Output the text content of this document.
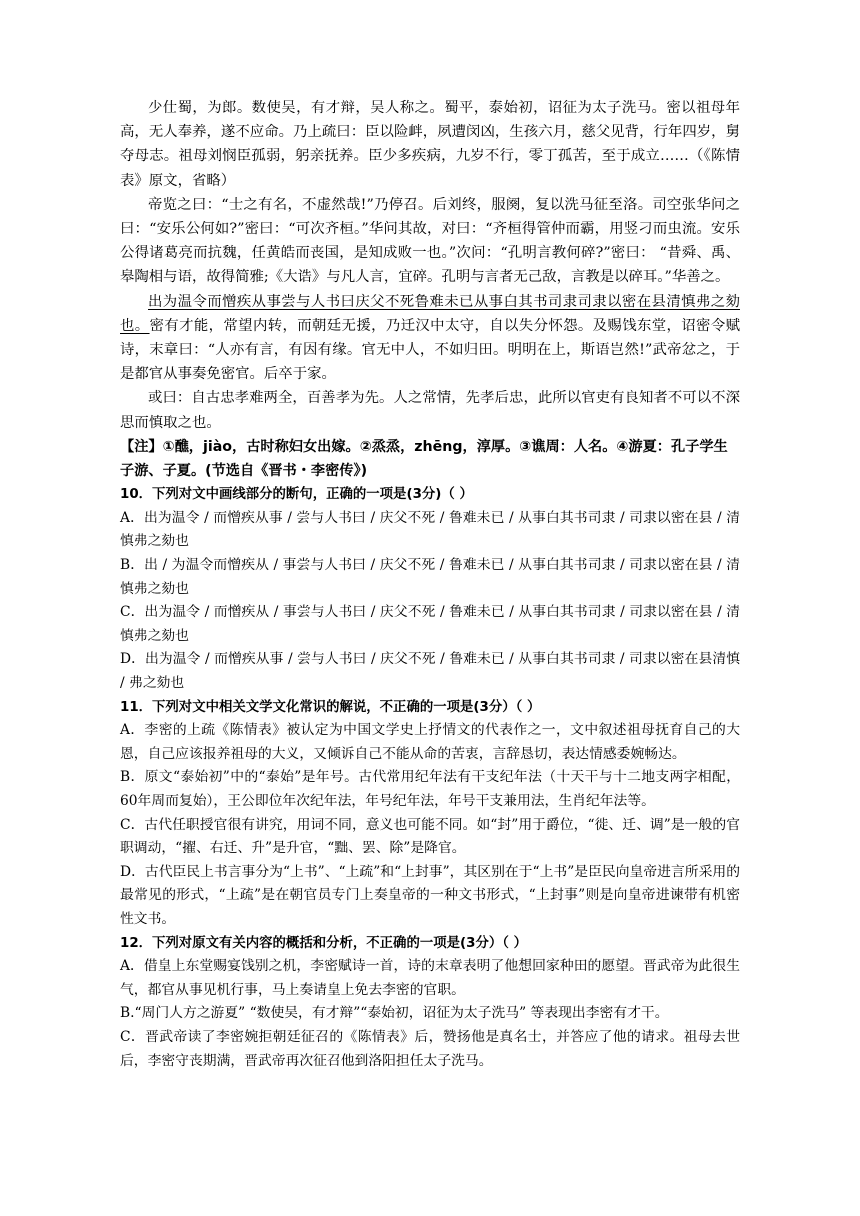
少仕蜀，为郎。数使吴，有才辩，吴人称之。蜀平，泰始初，诏征为太子洗马。密以祖母年高，无人奉养，遂不应命。乃上疏曰：臣以险衅，夙遭闵凶，生孩六月，慈父见背，行年四岁，舅夺母志。祖母刘悯臣孤弱，躬亲抚养。臣少多疾病，九岁不行，零丁孤苦，至于成立……（《陈情表》原文，省略）

帝览之曰：“士之有名，不虚然哉!”乃停召。后刘终，服阕，复以洗马征至洛。司空张华问之曰：“安乐公何如?”密曰：“可次齐桓。”华问其故，对曰：“齐桓得管仲而霸，用竖刁而虫流。安乐公得诸葛亮而抗魏，任黄皓而丧国，是知成败一也。”次问：“孔明言教何碎?”密曰： “昔舜、禹、皋陶相与语，故得简雅;《大诰》与凡人言，宜碎。孔明与言者无己敌，言教是以碎耳。”华善之。

出为温令而憎疾从事尝与人书曰庆父不死鲁难未已从事白其书司隶司隶以密在县清慎弗之劾也。密有才能，常望内转，而朝廷无援，乃迁汉中太守，自以失分怀怨。及赐饯东堂，诏密令赋诗，末章曰：“人亦有言，有因有缘。官无中人，不如归田。明明在上，斯语岂然!”武帝忿之，于是都官从事奏免密官。后卒于家。

或曰：自古忠孝难两全，百善孝为先。人之常情，先孝后忠，此所以官吏有良知者不可以不深思而慎取之也。

【注】①醮，jiào，古时称妇女出嫁。②烝烝，zhēng，淳厚。③谯周：人名。④游夏：孔子学生子游、子夏。(节选自《晋书・李密传》)

10．下列对文中画线部分的断句，正确的一项是(3分)（ ）

A．出为温令 / 而憎疾从事 / 尝与人书曰 / 庆父不死 / 鲁难未已 / 从事白其书司隶 / 司隶以密在县 / 清慎弗之劾也

B．出 / 为温令而憎疾从 / 事尝与人书曰 / 庆父不死 / 鲁难未已 / 从事白其书司隶 / 司隶以密在县 / 清慎弗之劾也

C．出为温令 / 而憎疾从 / 事尝与人书曰 / 庆父不死 / 鲁难未已 / 从事白其书司隶 / 司隶以密在县 / 清慎弗之劾也

D．出为温令 / 而憎疾从事 / 尝与人书曰 / 庆父不死 / 鲁难未已 / 从事白其书司隶 / 司隶以密在县清慎 / 弗之劾也

11．下列对文中相关文学文化常识的解说，不正确的一项是(3分）（ ）

A．李密的上疏《陈情表》被认定为中国文学史上抒情文的代表作之一，文中叙述祖母抚育自己的大恩，自己应该报养祖母的大义，又倾诉自己不能从命的苦衷，言辞恳切，表达情感委婉畅达。

B．原文“泰始初”中的“泰始”是年号。古代常用纪年法有干支纪年法（十天干与十二地支两字相配，60年周而复始），王公即位年次纪年法，年号纪年法，年号干支兼用法，生肖纪年法等。

C．古代任职授官很有讲究，用词不同，意义也可能不同。如“封”用于爵位，“徙、迁、调”是一般的官职调动，“擢、右迁、升”是升官，“黜、罢、除”是降官。

D．古代臣民上书言事分为“上书”、“上疏”和“上封事”，其区别在于“上书”是臣民向皇帝进言所采用的最常见的形式，“上疏”是在朝官员专门上奏皇帝的一种文书形式，“上封事”则是向皇帝进谏带有机密性文书。

12．下列对原文有关内容的概括和分析，不正确的一项是(3分）（ ）

A．借皇上东堂赐宴饯别之机，李密赋诗一首，诗的末章表明了他想回家种田的愿望。晋武帝为此很生气，都官从事见机行事，马上奏请皇上免去李密的官职。

B.“周门人方之游夏” “数使吴，有才辩”“泰始初，诏征为太子洗马” 等表现出李密有才干。

C．晋武帝读了李密婉拒朝廷征召的《陈情表》后，赞扬他是真名士，并答应了他的请求。祖母去世后，李密守丧期满，晋武帝再次征召他到洛阳担任太子洗马。
